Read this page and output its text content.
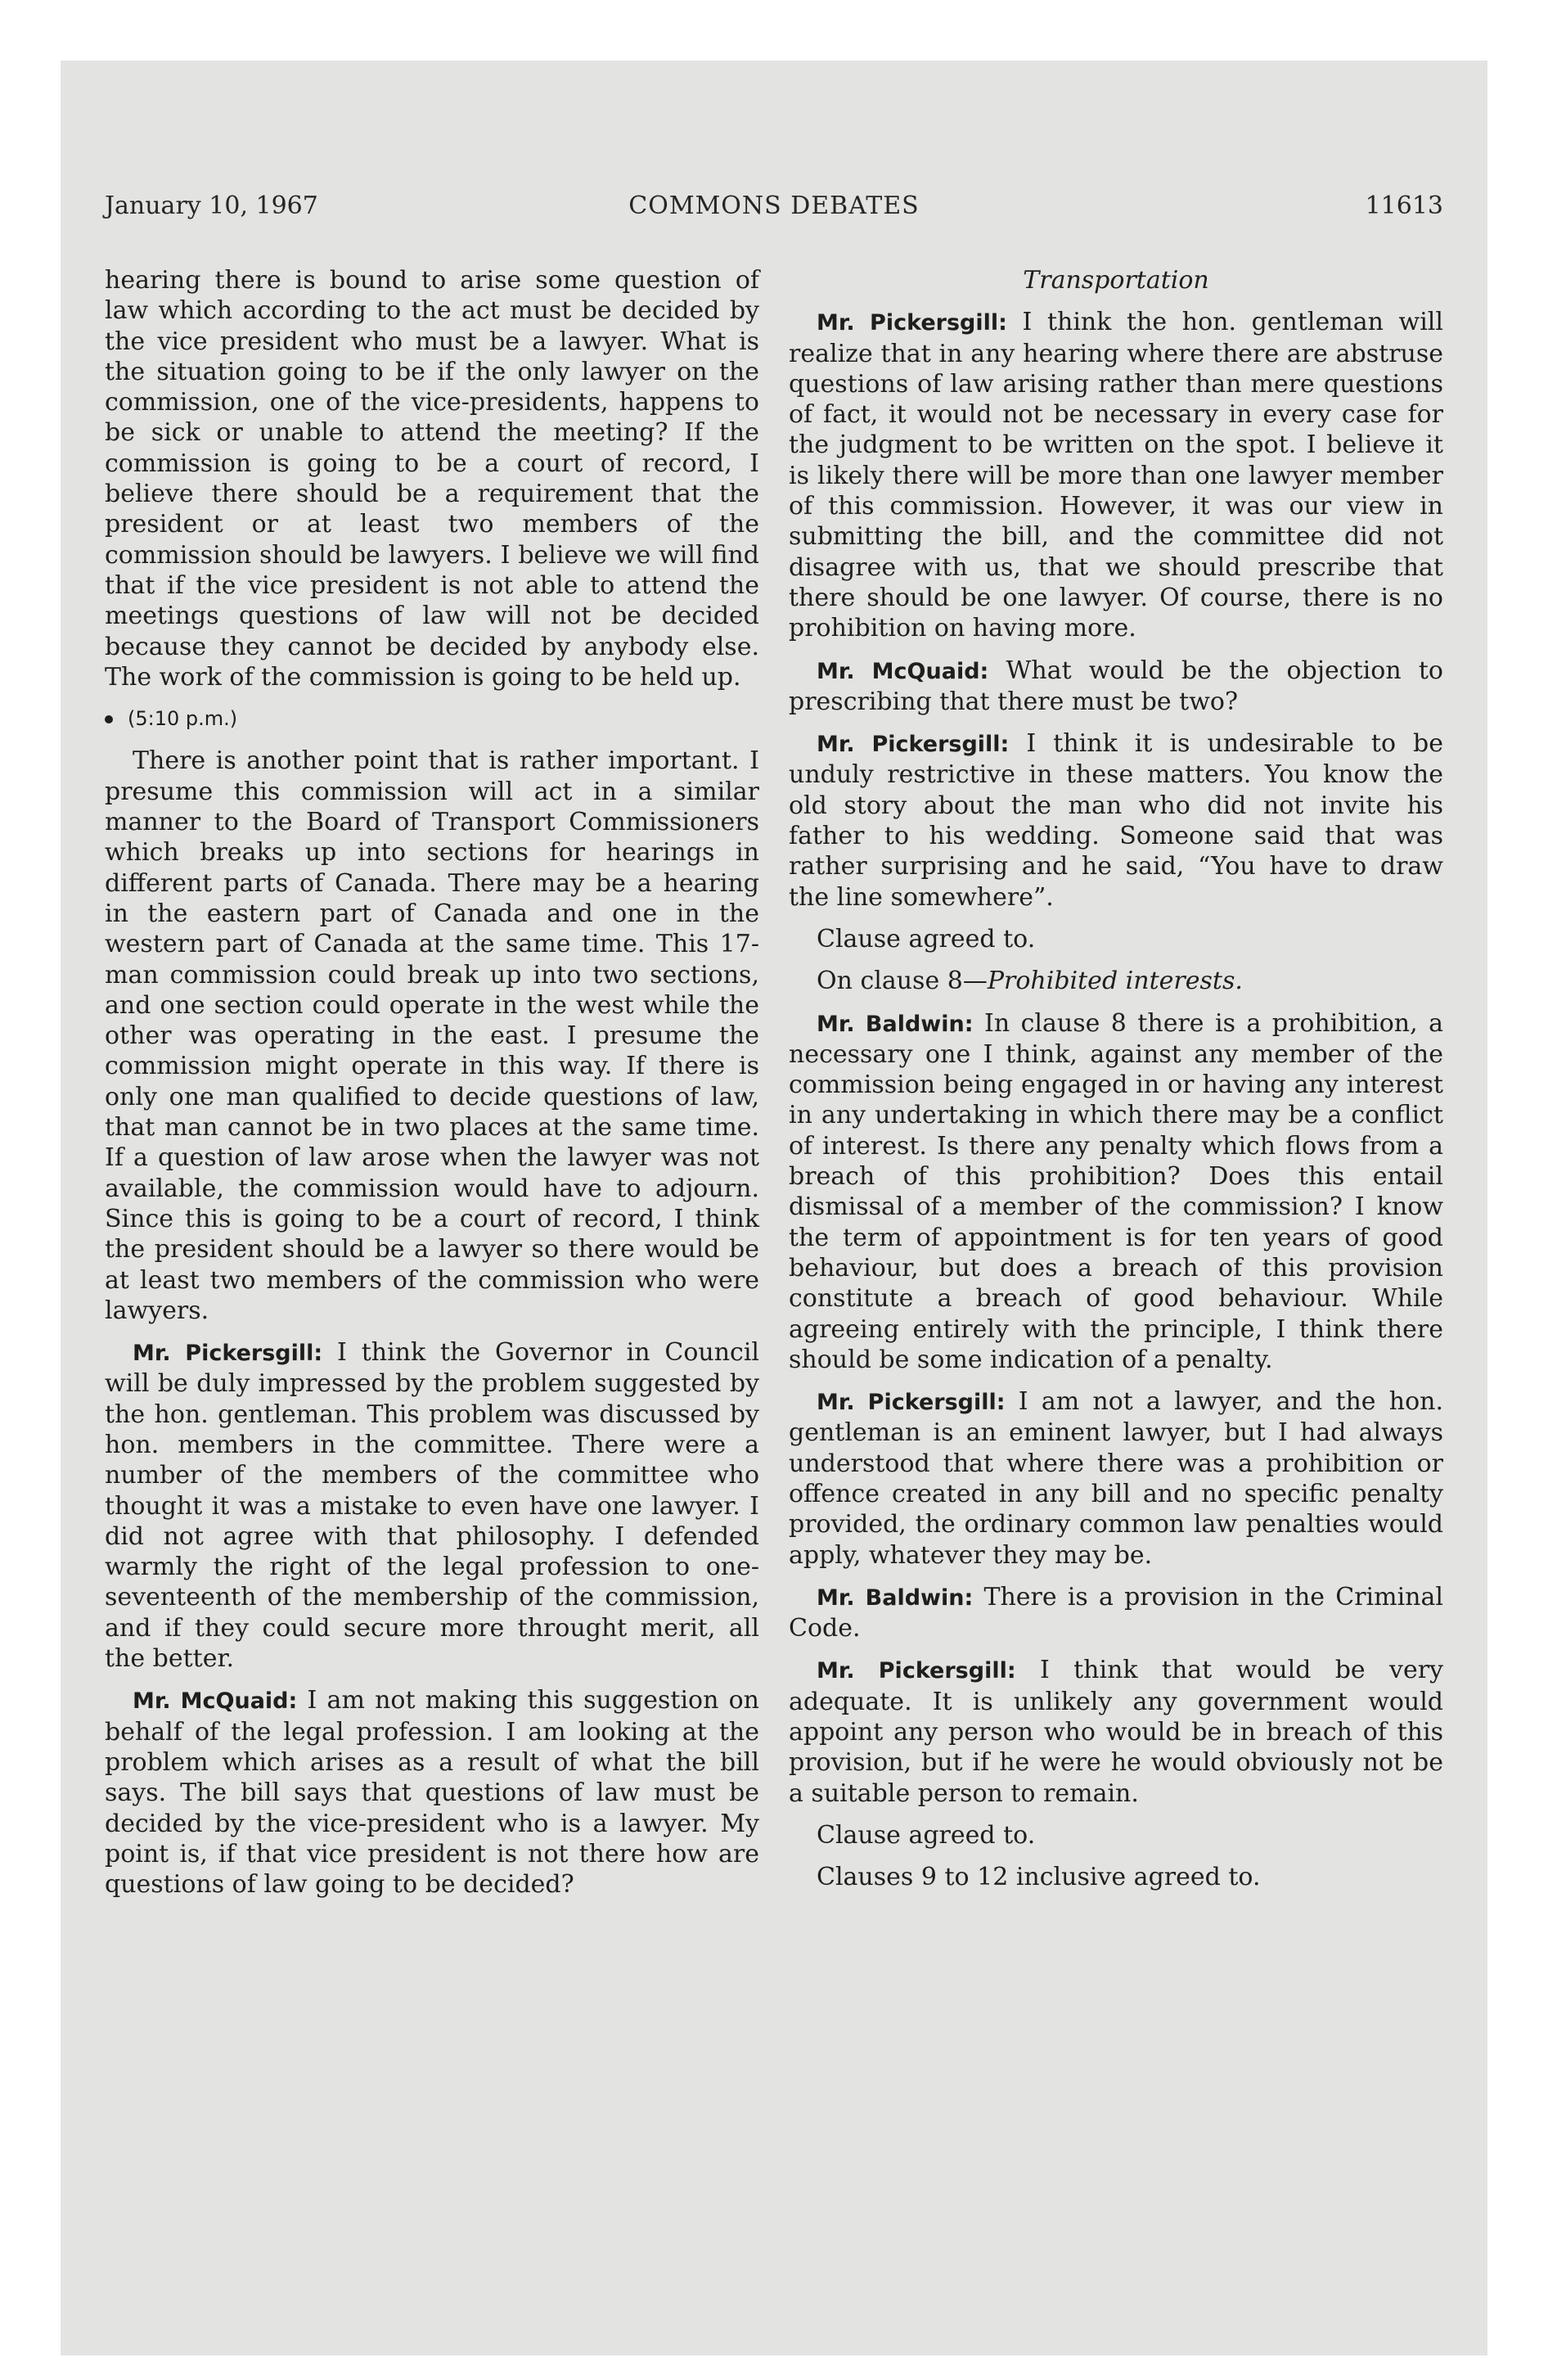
January 10, 1967	COMMONS DEBATES	11613

hearing there is bound to arise some question of law which according to the act must be decided by the vice president who must be a lawyer. What is the situation going to be if the only lawyer on the commission, one of the vice-presidents, happens to be sick or unable to attend the meeting? If the commission is going to be a court of record, I believe there should be a requirement that the president or at least two members of the commission should be lawyers. I believe we will find that if the vice president is not able to attend the meetings questions of law will not be decided because they cannot be decided by anybody else. The work of the commission is going to be held up.

(5:10 p.m.)

There is another point that is rather important. I presume this commission will act in a similar manner to the Board of Transport Commissioners which breaks up into sections for hearings in different parts of Canada. There may be a hearing in the eastern part of Canada and one in the western part of Canada at the same time. This 17-man commission could break up into two sections, and one section could operate in the west while the other was operating in the east. I presume the commission might operate in this way. If there is only one man qualified to decide questions of law, that man cannot be in two places at the same time. If a question of law arose when the lawyer was not available, the commission would have to adjourn. Since this is going to be a court of record, I think the president should be a lawyer so there would be at least two members of the commission who were lawyers.

Mr. Pickersgill: I think the Governor in Council will be duly impressed by the problem suggested by the hon. gentleman. This problem was discussed by hon. members in the committee. There were a number of the members of the committee who thought it was a mistake to even have one lawyer. I did not agree with that philosophy. I defended warmly the right of the legal profession to one-seventeenth of the membership of the commission, and if they could secure more throught merit, all the better.

Mr. McQuaid: I am not making this suggestion on behalf of the legal profession. I am looking at the problem which arises as a result of what the bill says. The bill says that questions of law must be decided by the vice-president who is a lawyer. My point is, if that vice president is not there how are questions of law going to be decided?

Transportation

Mr. Pickersgill: I think the hon. gentleman will realize that in any hearing where there are abstruse questions of law arising rather than mere questions of fact, it would not be necessary in every case for the judgment to be written on the spot. I believe it is likely there will be more than one lawyer member of this commission. However, it was our view in submitting the bill, and the committee did not disagree with us, that we should prescribe that there should be one lawyer. Of course, there is no prohibition on having more.

Mr. McQuaid: What would be the objection to prescribing that there must be two?

Mr. Pickersgill: I think it is undesirable to be unduly restrictive in these matters. You know the old story about the man who did not invite his father to his wedding. Someone said that was rather surprising and he said, “You have to draw the line somewhere”.

Clause agreed to.

On clause 8—Prohibited interests.

Mr. Baldwin: In clause 8 there is a prohibition, a necessary one I think, against any member of the commission being engaged in or having any interest in any undertaking in which there may be a conflict of interest. Is there any penalty which flows from a breach of this prohibition? Does this entail dismissal of a member of the commission? I know the term of appointment is for ten years of good behaviour, but does a breach of this provision constitute a breach of good behaviour. While agreeing entirely with the principle, I think there should be some indication of a penalty.

Mr. Pickersgill: I am not a lawyer, and the hon. gentleman is an eminent lawyer, but I had always understood that where there was a prohibition or offence created in any bill and no specific penalty provided, the ordinary common law penalties would apply, whatever they may be.

Mr. Baldwin: There is a provision in the Criminal Code.

Mr. Pickersgill: I think that would be very adequate. It is unlikely any government would appoint any person who would be in breach of this provision, but if he were he would obviously not be a suitable person to remain.

Clause agreed to.

Clauses 9 to 12 inclusive agreed to.
